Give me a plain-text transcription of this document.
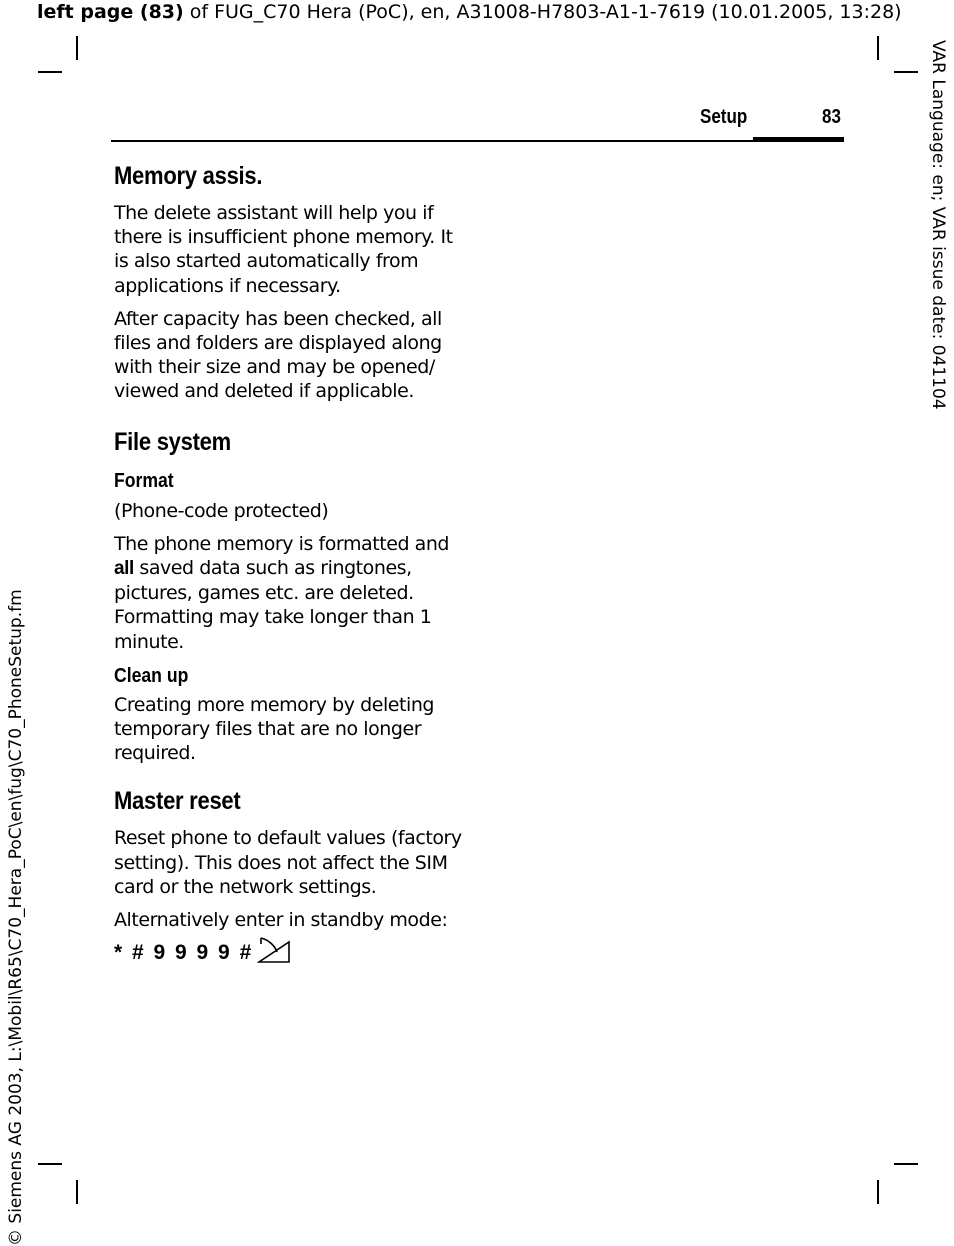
left page (83) of FUG_C70 Hera (PoC), en, A31008-H7803-A1-1-7619 (10.01.2005, 13:28)
VAR Language: en; VAR issue date: 041104
© Siemens AG 2003, L:\Mobil\R65\C70_Hera_PoC\en\fug\C70_PhoneSetup.fm
Setup	83
Memory assis.

The delete assistant will help you if there is insufficient phone memory. It is also started automatically from applications if necessary.

After capacity has been checked, all files and folders are displayed along with their size and may be opened/ viewed and deleted if applicable.

File system
Format

(Phone-code protected)

The phone memory is formatted and all saved data such as ringtones, pictures, games etc. are deleted. Formatting may take longer than 1 minute.

Clean up

Creating more memory by deleting temporary files that are no longer required.

Master reset

Reset phone to default values (factory setting). This does not affect the SIM card or the network settings.

Alternatively enter in standby mode:

* # 9 9 9 9 #
